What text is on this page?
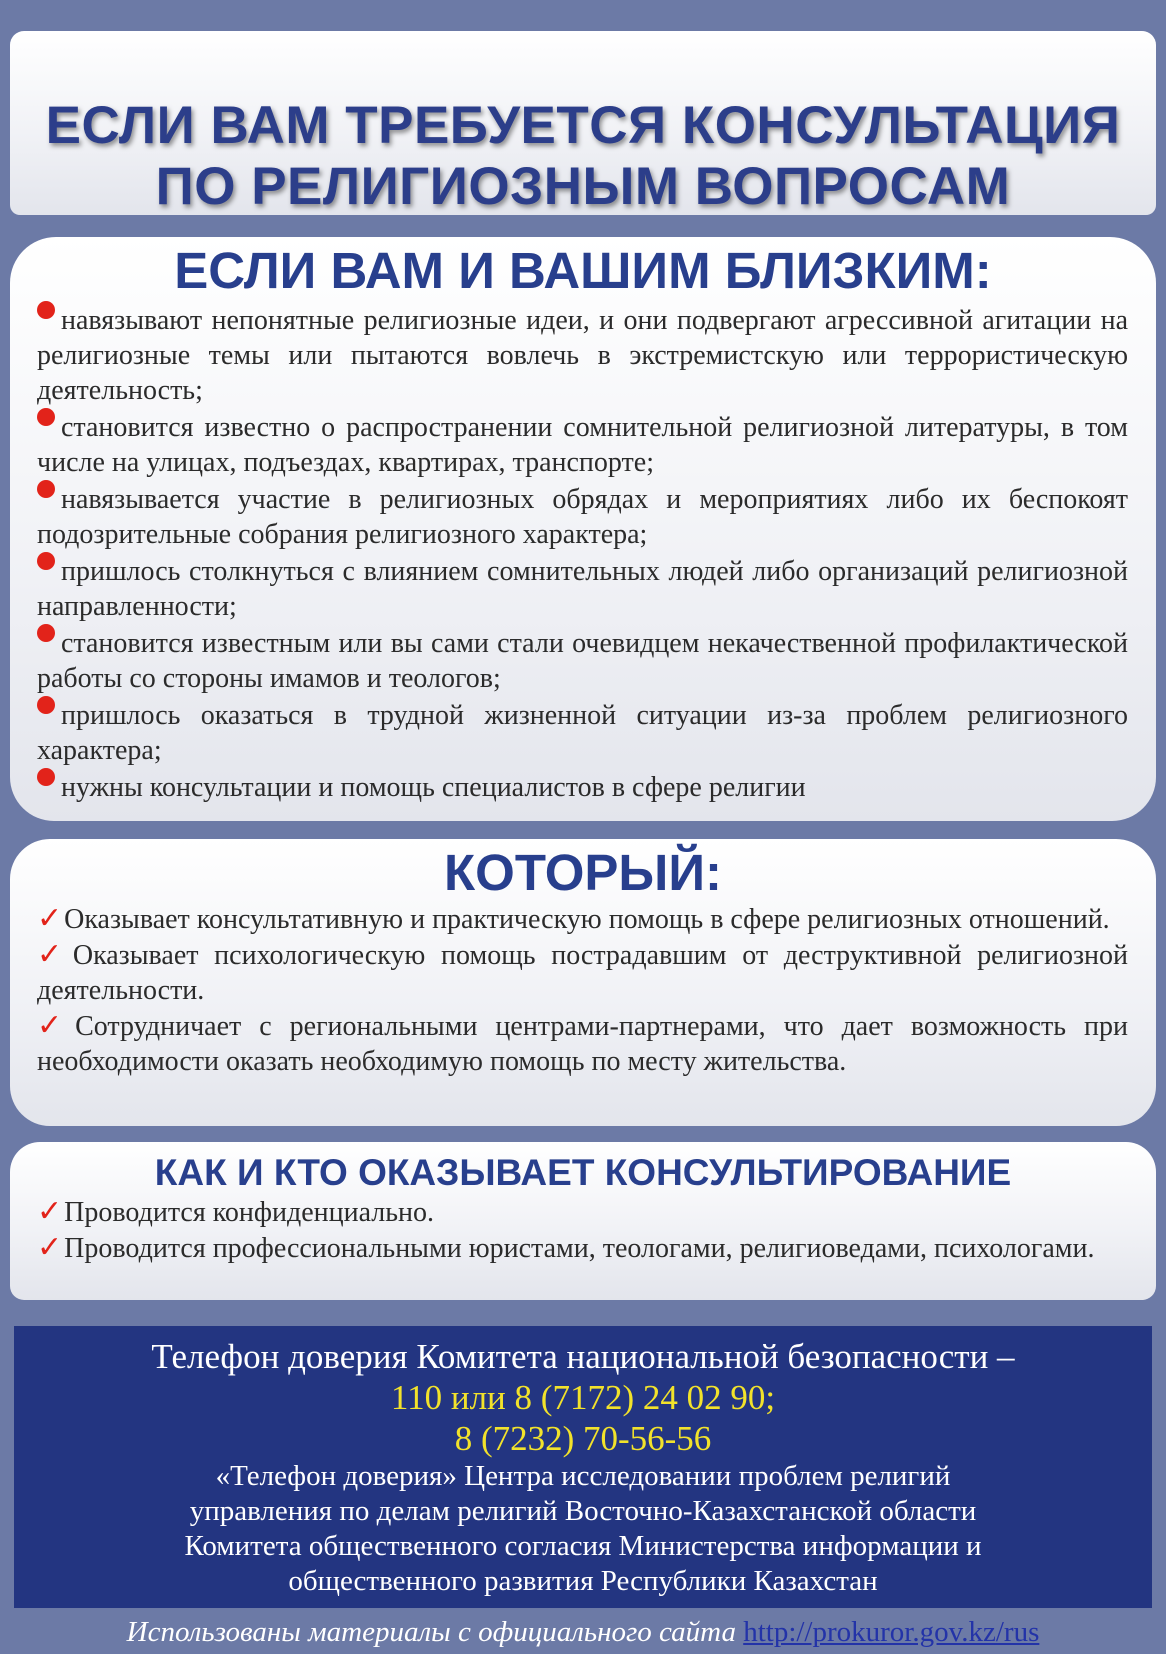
ЕСЛИ ВАМ ТРЕБУЕТСЯ КОНСУЛЬТАЦИЯ
ПО РЕЛИГИОЗНЫМ ВОПРОСАМ
ЕСЛИ ВАМ И ВАШИМ БЛИЗКИМ:
навязывают непонятные религиозные идеи, и они подвергают агрессивной агитации на религиозные темы или пытаются вовлечь в экстремистскую или террористическую деятельность;
становится известно о распространении сомнительной религиозной литературы, в том числе на улицах, подъездах, квартирах, транспорте;
навязывается участие в религиозных обрядах и мероприятиях либо их беспокоят подозрительные собрания религиозного характера;
пришлось столкнуться с влиянием сомнительных людей либо организаций религиозной направленности;
становится известным или вы сами стали очевидцем некачественной профилактической работы со стороны имамов и теологов;
пришлось оказаться в трудной жизненной ситуации из-за проблем религиозного характера;
нужны консультации и помощь специалистов в сфере религии
КОТОРЫЙ:
✓Оказывает консультативную и практическую помощь в сфере религиозных отношений.
✓Оказывает психологическую помощь пострадавшим от деструктивной религиозной деятельности.
✓Сотрудничает с региональными центрами-партнерами, что дает возможность при необходимости оказать необходимую помощь по месту жительства.
КАК И КТО ОКАЗЫВАЕТ КОНСУЛЬТИРОВАНИЕ
✓Проводится конфиденциально.
✓Проводится профессиональными юристами, теологами, религиоведами, психологами.

Телефон доверия Комитета национальной безопасности –

110 или 8 (7172) 24 02 90;

8 (7232) 70-56-56

«Телефон доверия» Центра исследовании проблем религий

управления по делам религий Восточно-Казахстанской области

Комитета общественного согласия Министерства информации и

общественного развития Республики Казахстан

Использованы материалы с официального сайта http://prokuror.gov.kz/rus
